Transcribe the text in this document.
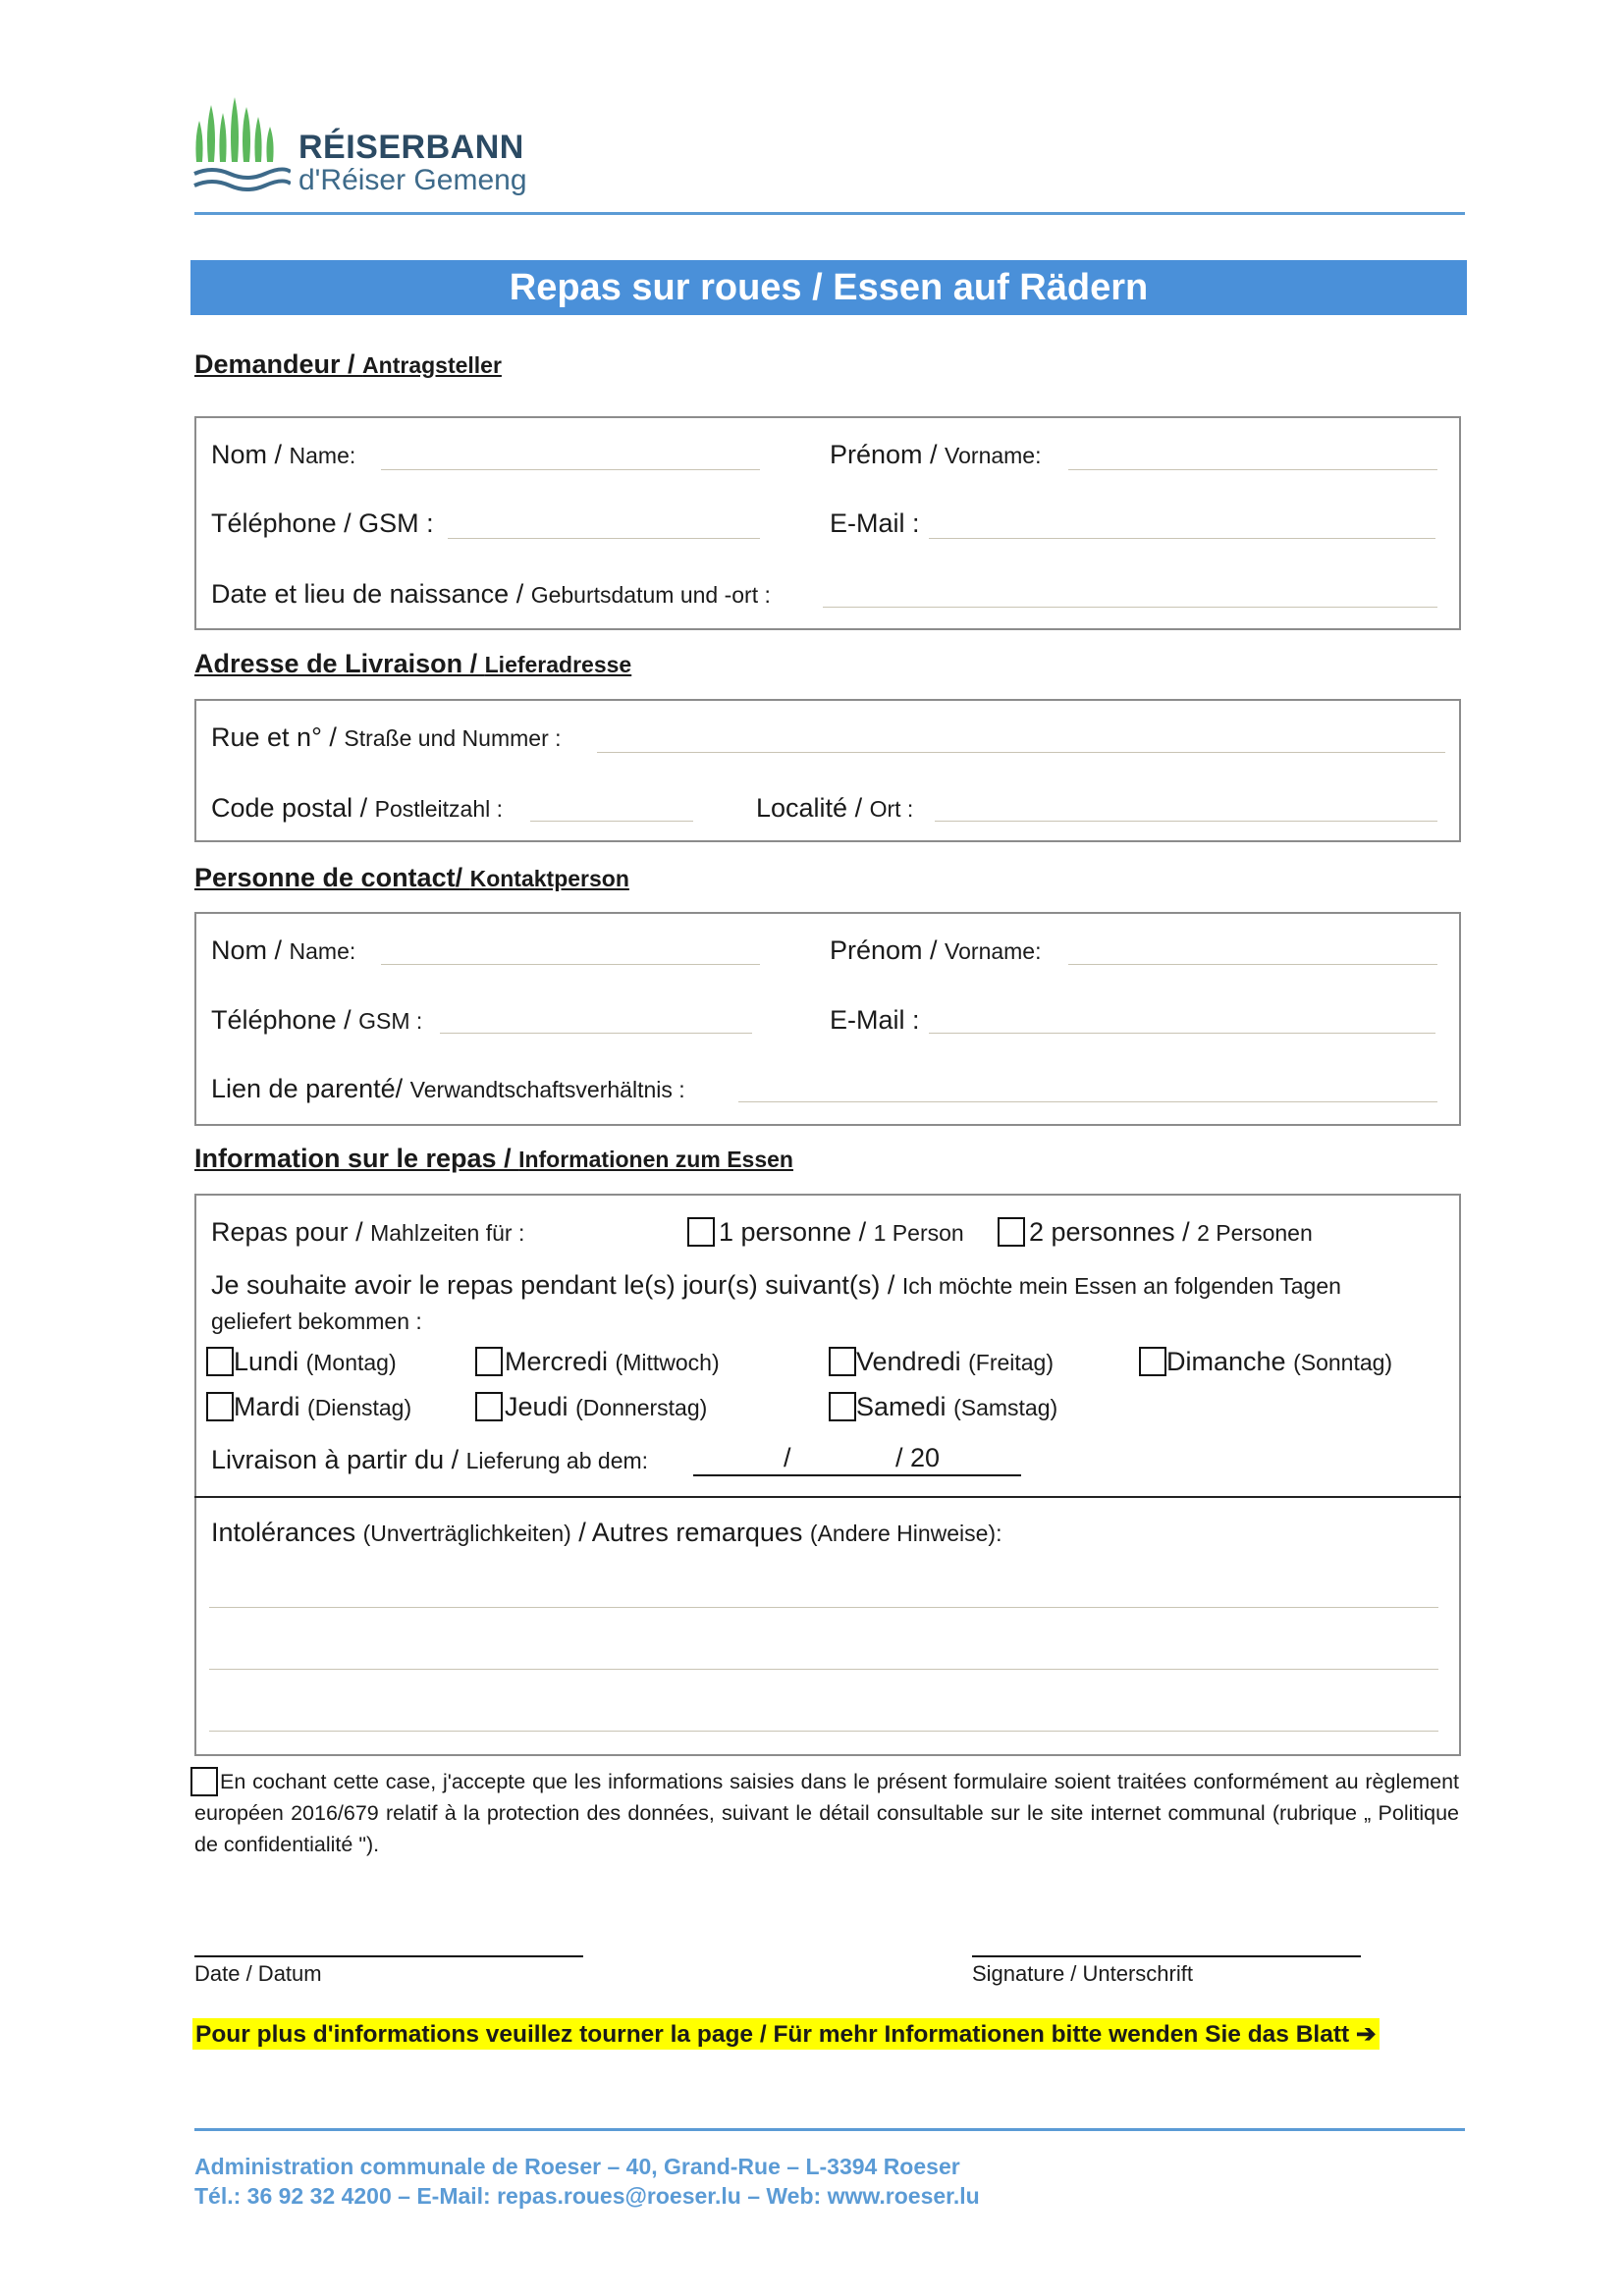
RÉISERBANN
d'Réiser Gemeng
Repas sur roues / Essen auf Rädern
Demandeur / Antragsteller
Nom / Name:	Prénom / Vorname:
Téléphone / GSM :	E-Mail :
Date et lieu de naissance / Geburtsdatum und -ort :
Adresse de Livraison / Lieferadresse
Rue et n° / Straße und Nummer :
Code postal / Postleitzahl :	Localité / Ort :
Personne de contact/ Kontaktperson
Nom / Name:	Prénom / Vorname:
Téléphone / GSM :	E-Mail :
Lien de parenté/ Verwandtschaftsverhältnis :
Information sur le repas / Informationen zum Essen
Repas pour / Mahlzeiten für :	1 personne / 1 Person 2 personnes / 2 Personen
Je souhaite avoir le repas pendant le(s) jour(s) suivant(s) / Ich möchte mein Essen an folgenden Tagen
geliefert bekommen :
Lundi (Montag)	Mercredi (Mittwoch)	Vendredi (Freitag)	Dimanche (Sonntag)
Mardi (Dienstag)	Jeudi (Donnerstag)	Samedi (Samstag)
Livraison à partir du / Lieferung ab dem:	/	/ 20
Intolérances (Unverträglichkeiten) / Autres remarques (Andere Hinweise):
En cochant cette case, j'accepte que les informations saisies dans le présent formulaire soient traitées conformément au règlement européen 2016/679 relatif à la protection des données, suivant le détail consultable sur le site internet communal (rubrique „ Politique de confidentialité ").
Date / Datum	Signature / Unterschrift
Pour plus d'informations veuillez tourner la page / Für mehr Informationen bitte wenden Sie das Blatt ➔
Administration communale de Roeser – 40, Grand-Rue – L-3394 Roeser
Tél.: 36 92 32 4200 – E-Mail: repas.roues@roeser.lu – Web: www.roeser.lu
